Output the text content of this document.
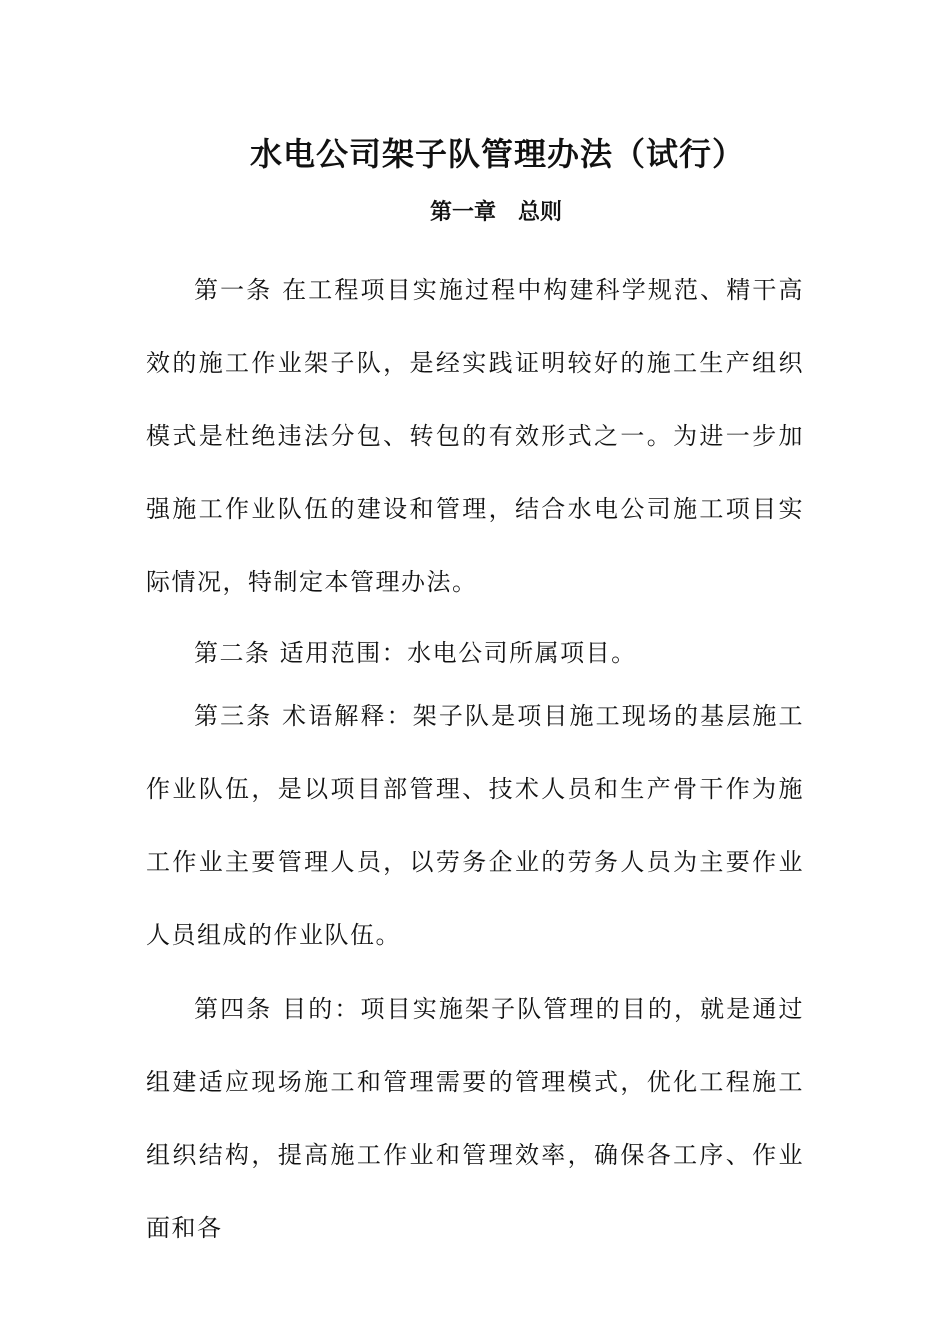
水电公司架子队管理办法（试行）
第一章　总则

第一条 在工程项目实施过程中构建科学规范、精干高效的施工作业架子队，是经实践证明较好的施工生产组织模式是杜绝违法分包、转包的有效形式之一。为进一步加强施工作业队伍的建设和管理，结合水电公司施工项目实际情况，特制定本管理办法。

第二条 适用范围：水电公司所属项目。

第三条 术语解释：架子队是项目施工现场的基层施工作业队伍，是以项目部管理、技术人员和生产骨干作为施工作业主要管理人员，以劳务企业的劳务人员为主要作业人员组成的作业队伍。

第四条 目的：项目实施架子队管理的目的，就是通过组建适应现场施工和管理需要的管理模式，优化工程施工组织结构，提高施工作业和管理效率，确保各工序、作业面和各
